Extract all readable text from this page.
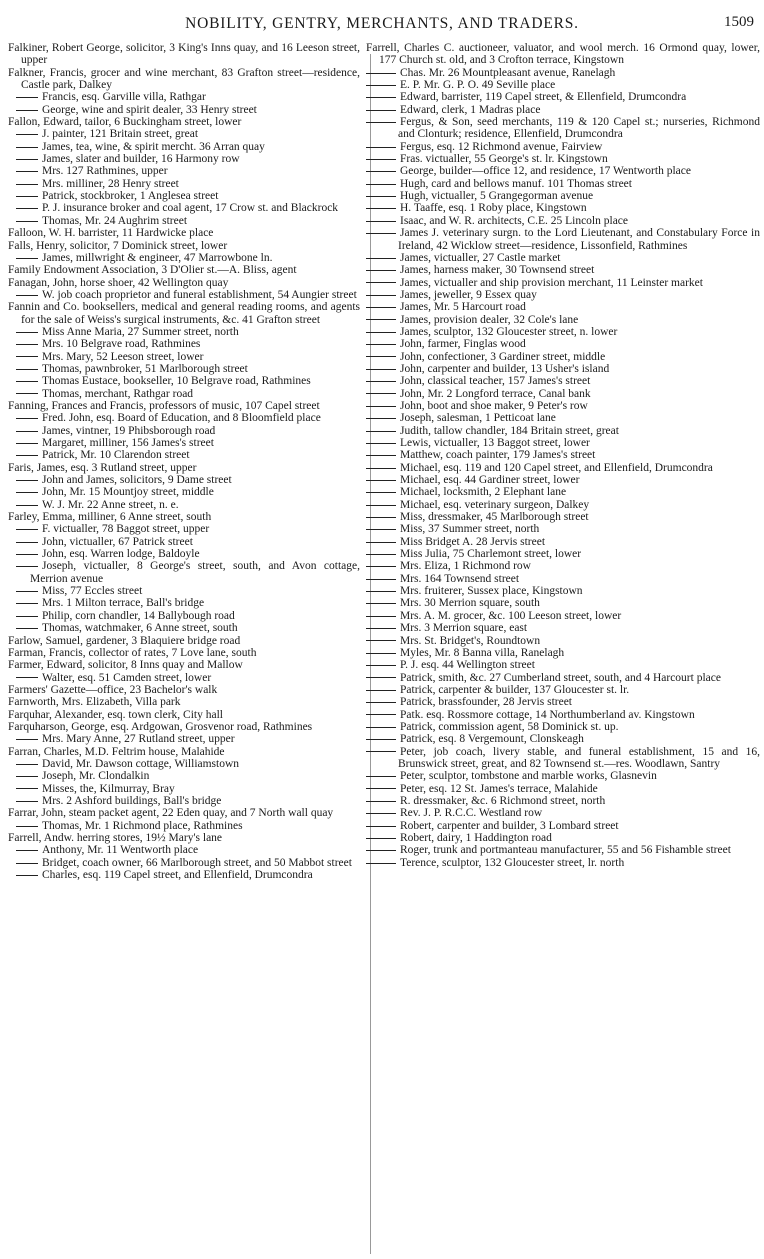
NOBILITY, GENTRY, MERCHANTS, AND TRADERS.	1509
Falkiner, Robert George, solicitor, 3 King's Inns quay, and 16 Leeson street, upper
Falkner, Francis, grocer and wine merchant, 83 Grafton street—residence, Castle park, Dalkey
Francis, esq. Garville villa, Rathgar
George, wine and spirit dealer, 33 Henry street
Fallon, Edward, tailor, 6 Buckingham street, lower
J. painter, 121 Britain street, great
James, tea, wine, & spirit mercht. 36 Arran quay
James, slater and builder, 16 Harmony row
Mrs. 127 Rathmines, upper
Mrs. milliner, 28 Henry street
Patrick, stockbroker, 1 Anglesea street
P. J. insurance broker and coal agent, 17 Crow st. and Blackrock
Thomas, Mr. 24 Aughrim street
Falloon, W. H. barrister, 11 Hardwicke place
Falls, Henry, solicitor, 7 Dominick street, lower
James, millwright & engineer, 47 Marrowbone ln.
Family Endowment Association, 3 D'Olier st.—A. Bliss, agent
Fanagan, John, horse shoer, 42 Wellington quay
W. job coach proprietor and funeral establishment, 54 Aungier street
Fannin and Co. booksellers, medical and general reading rooms, and agents for the sale of Weiss's surgical instruments, &c. 41 Grafton street
Miss Anne Maria, 27 Summer street, north
Mrs. 10 Belgrave road, Rathmines
Mrs. Mary, 52 Leeson street, lower
Thomas, pawnbroker, 51 Marlborough street
Thomas Eustace, bookseller, 10 Belgrave road, Rathmines
Thomas, merchant, Rathgar road
Fanning, Frances and Francis, professors of music, 107 Capel street
Fred. John, esq. Board of Education, and 8 Bloomfield place
James, vintner, 19 Phibsborough road
Margaret, milliner, 156 James's street
Patrick, Mr. 10 Clarendon street
Faris, James, esq. 3 Rutland street, upper
John and James, solicitors, 9 Dame street
John, Mr. 15 Mountjoy street, middle
W. J. Mr. 22 Anne street, n. e.
Farley, Emma, milliner, 6 Anne street, south
F. victualler, 78 Baggot street, upper
John, victualler, 67 Patrick street
John, esq. Warren lodge, Baldoyle
Joseph, victualler, 8 George's street, south, and Avon cottage, Merrion avenue
Miss, 77 Eccles street
Mrs. 1 Milton terrace, Ball's bridge
Philip, corn chandler, 14 Ballybough road
Thomas, watchmaker, 6 Anne street, south
Farlow, Samuel, gardener, 3 Blaquiere bridge road
Farman, Francis, collector of rates, 7 Love lane, south
Farmer, Edward, solicitor, 8 Inns quay and Mallow
Walter, esq. 51 Camden street, lower
Farmers' Gazette—office, 23 Bachelor's walk
Farnworth, Mrs. Elizabeth, Villa park
Farquhar, Alexander, esq. town clerk, City hall
Farquharson, George, esq. Ardgowan, Grosvenor road, Rathmines
Mrs. Mary Anne, 27 Rutland street, upper
Farran, Charles, M.D. Feltrim house, Malahide
David, Mr. Dawson cottage, Williamstown
Joseph, Mr. Clondalkin
Misses, the, Kilmurray, Bray
Mrs. 2 Ashford buildings, Ball's bridge
Farrar, John, steam packet agent, 22 Eden quay, and 7 North wall quay
Thomas, Mr. 1 Richmond place, Rathmines
Farrell, Andw. herring stores, 19½ Mary's lane
Anthony, Mr. 11 Wentworth place
Bridget, coach owner, 66 Marlborough street, and 50 Mabbot street
Charles, esq. 119 Capel street, and Ellenfield, Drumcondra
Farrell, Charles C. auctioneer, valuator, and wool merch. 16 Ormond quay, lower, 177 Church st. old, and 3 Crofton terrace, Kingstown
Chas. Mr. 26 Mountpleasant avenue, Ranelagh
E. P. Mr. G. P. O. 49 Seville place
Edward, barrister, 119 Capel street, & Ellenfield, Drumcondra
Edward, clerk, 1 Madras place
Fergus, & Son, seed merchants, 119 & 120 Capel st.; nurseries, Richmond and Clonturk; residence, Ellenfield, Drumcondra
Fergus, esq. 12 Richmond avenue, Fairview
Fras. victualler, 55 George's st. lr. Kingstown
George, builder—office 12, and residence, 17 Wentworth place
Hugh, card and bellows manuf. 101 Thomas street
Hugh, victualler, 5 Grangegorman avenue
H. Taaffe, esq. 1 Roby place, Kingstown
Isaac, and W. R. architects, C.E. 25 Lincoln place
James J. veterinary surgn. to the Lord Lieutenant, and Constabulary Force in Ireland, 42 Wicklow street—residence, Lissonfield, Rathmines
James, victualler, 27 Castle market
James, harness maker, 30 Townsend street
James, victualler and ship provision merchant, 11 Leinster market
James, jeweller, 9 Essex quay
James, Mr. 5 Harcourt road
James, provision dealer, 32 Cole's lane
James, sculptor, 132 Gloucester street, n. lower
John, farmer, Finglas wood
John, confectioner, 3 Gardiner street, middle
John, carpenter and builder, 13 Usher's island
John, classical teacher, 157 James's street
John, Mr. 2 Longford terrace, Canal bank
John, boot and shoe maker, 9 Peter's row
Joseph, salesman, 1 Petticoat lane
Judith, tallow chandler, 184 Britain street, great
Lewis, victualler, 13 Baggot street, lower
Matthew, coach painter, 179 James's street
Michael, esq. 119 and 120 Capel street, and Ellenfield, Drumcondra
Michael, esq. 44 Gardiner street, lower
Michael, locksmith, 2 Elephant lane
Michael, esq. veterinary surgeon, Dalkey
Miss, dressmaker, 45 Marlborough street
Miss, 37 Summer street, north
Miss Bridget A. 28 Jervis street
Miss Julia, 75 Charlemont street, lower
Mrs. Eliza, 1 Richmond row
Mrs. 164 Townsend street
Mrs. fruiterer, Sussex place, Kingstown
Mrs. 30 Merrion square, south
Mrs. A. M. grocer, &c. 100 Leeson street, lower
Mrs. 3 Merrion square, east
Mrs. St. Bridget's, Roundtown
Myles, Mr. 8 Banna villa, Ranelagh
P. J. esq. 44 Wellington street
Patrick, smith, &c. 27 Cumberland street, south, and 4 Harcourt place
Patrick, carpenter & builder, 137 Gloucester st. lr.
Patrick, brassfounder, 28 Jervis street
Patk. esq. Rossmore cottage, 14 Northumberland av. Kingstown
Patrick, commission agent, 58 Dominick st. up.
Patrick, esq. 8 Vergemount, Clonskeagh
Peter, job coach, livery stable, and funeral establishment, 15 and 16, Brunswick street, great, and 82 Townsend st.—res. Woodlawn, Santry
Peter, sculptor, tombstone and marble works, Glasnevin
Peter, esq. 12 St. James's terrace, Malahide
R. dressmaker, &c. 6 Richmond street, north
Rev. J. P. R.C.C. Westland row
Robert, carpenter and builder, 3 Lombard street
Robert, dairy, 1 Haddington road
Roger, trunk and portmanteau manufacturer, 55 and 56 Fishamble street
Terence, sculptor, 132 Gloucester street, lr. north
